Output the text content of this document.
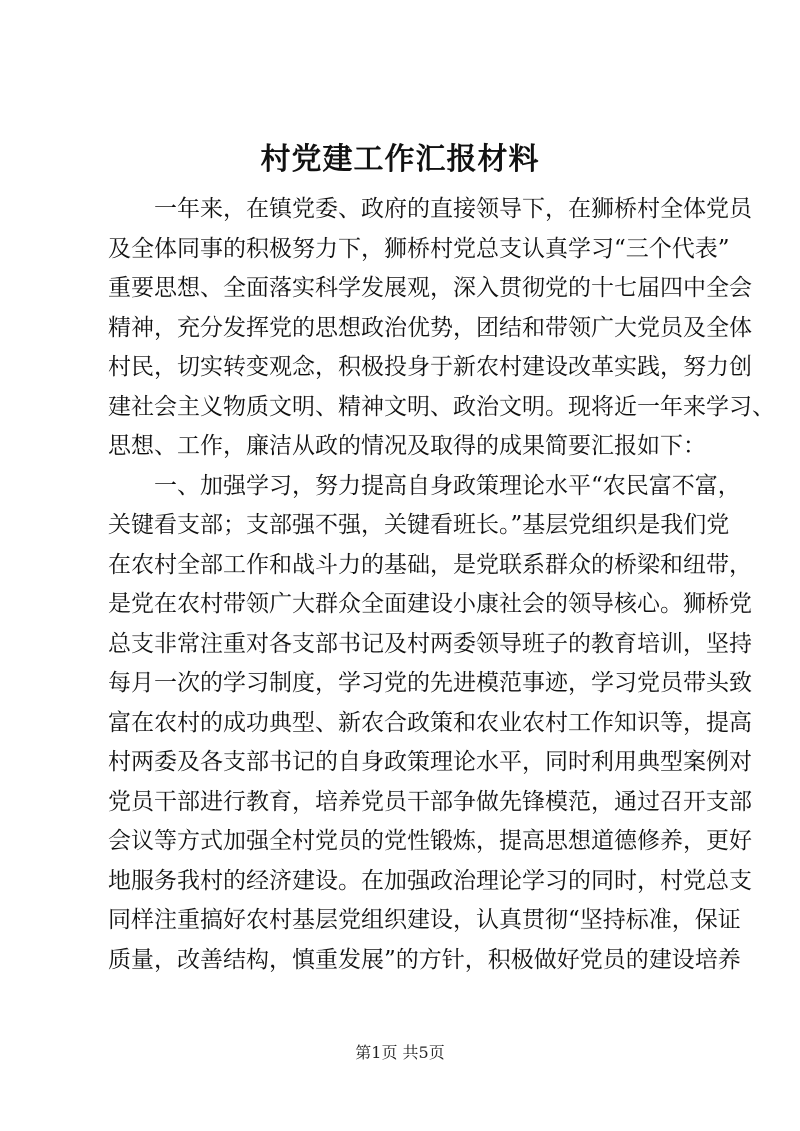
村党建工作汇报材料
一年来，在镇党委、政府的直接领导下，在狮桥村全体党员
及全体同事的积极努力下，狮桥村党总支认真学习“三个代表”
重要思想、全面落实科学发展观，深入贯彻党的十七届四中全会
精神，充分发挥党的思想政治优势，团结和带领广大党员及全体
村民，切实转变观念，积极投身于新农村建设改革实践，努力创
建社会主义物质文明、精神文明、政治文明。现将近一年来学习、
思想、工作，廉洁从政的情况及取得的成果简要汇报如下：
一、加强学习，努力提高自身政策理论水平“农民富不富，
关键看支部；支部强不强，关键看班长。”基层党组织是我们党
在农村全部工作和战斗力的基础，是党联系群众的桥梁和纽带，
是党在农村带领广大群众全面建设小康社会的领导核心。狮桥党
总支非常注重对各支部书记及村两委领导班子的教育培训，坚持
每月一次的学习制度，学习党的先进模范事迹，学习党员带头致
富在农村的成功典型、新农合政策和农业农村工作知识等，提高
村两委及各支部书记的自身政策理论水平，同时利用典型案例对
党员干部进行教育，培养党员干部争做先锋模范，通过召开支部
会议等方式加强全村党员的党性锻炼，提高思想道德修养，更好
地服务我村的经济建设。在加强政治理论学习的同时，村党总支
同样注重搞好农村基层党组织建设，认真贯彻“坚持标准，保证
质量，改善结构，慎重发展”的方针，积极做好党员的建设培养
第1页 共5页
